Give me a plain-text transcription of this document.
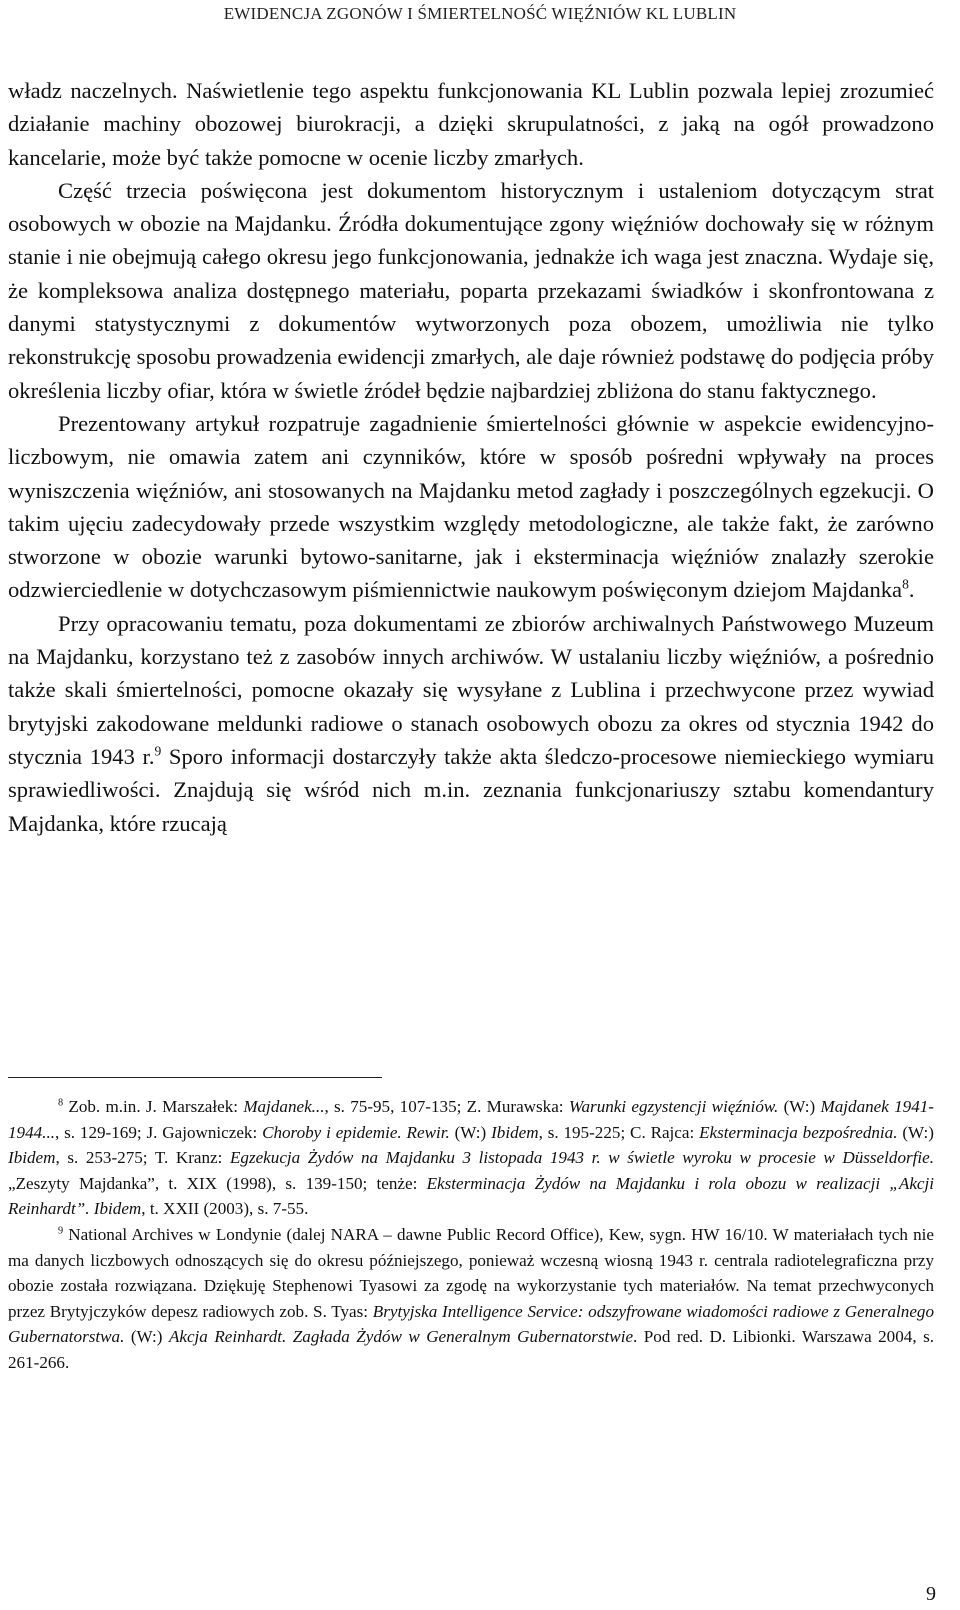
EWIDENCJA ZGONÓW I ŚMIERTELNOŚĆ WIĘŹNIÓW KL LUBLIN

władz naczelnych. Naświetlenie tego aspektu funkcjonowania KL Lublin pozwala lepiej zrozumieć działanie machiny obozowej biurokracji, a dzięki skrupulatności, z jaką na ogół prowadzono kancelarie, może być także pomocne w ocenie liczby zmarłych.

Część trzecia poświęcona jest dokumentom historycznym i ustaleniom dotyczącym strat osobowych w obozie na Majdanku. Źródła dokumentujące zgony więźniów dochowały się w różnym stanie i nie obejmują całego okresu jego funkcjonowania, jednakże ich waga jest znaczna. Wydaje się, że kompleksowa analiza dostępnego materiału, poparta przekazami świadków i skonfrontowana z danymi statystycznymi z dokumentów wytworzonych poza obozem, umożliwia nie tylko rekonstrukcję sposobu prowadzenia ewidencji zmarłych, ale daje również podstawę do podjęcia próby określenia liczby ofiar, która w świetle źródeł będzie najbardziej zbliżona do stanu faktycznego.

Prezentowany artykuł rozpatruje zagadnienie śmiertelności głównie w aspekcie ewidencyjno-liczbowym, nie omawia zatem ani czynników, które w sposób pośredni wpływały na proces wyniszczenia więźniów, ani stosowanych na Majdanku metod zagłady i poszczególnych egzekucji. O takim ujęciu zadecydowały przede wszystkim względy metodologiczne, ale także fakt, że zarówno stworzone w obozie warunki bytowo-sanitarne, jak i eksterminacja więźniów znalazły szerokie odzwierciedlenie w dotychczasowym piśmiennictwie naukowym poświęconym dziejom Majdanka$^8$.

Przy opracowaniu tematu, poza dokumentami ze zbiorów archiwalnych Państwowego Muzeum na Majdanku, korzystano też z zasobów innych archiwów. W ustalaniu liczby więźniów, a pośrednio także skali śmiertelności, pomocne okazały się wysyłane z Lublina i przechwycone przez wywiad brytyjski zakodowane meldunki radiowe o stanach osobowych obozu za okres od stycznia 1942 do stycznia 1943 r.$^9$ Sporo informacji dostarczyły także akta śledczo-procesowe niemieckiego wymiaru sprawiedliwości. Znajdują się wśród nich m.in. zeznania funkcjonariuszy sztabu komendantury Majdanka, które rzucają

$^8$ Zob. m.in. J. Marszałek: Majdanek..., s. 75-95, 107-135; Z. Murawska: Warunki egzystencji więźniów. (W:) Majdanek 1941-1944..., s. 129-169; J. Gajowniczek: Choroby i epidemie. Rewir. (W:) Ibidem, s. 195-225; C. Rajca: Eksterminacja bezpośrednia. (W:) Ibidem, s. 253-275; T. Kranz: Egzekucja Żydów na Majdanku 3 listopada 1943 r. w świetle wyroku w procesie w Düsseldorfie. „Zeszyty Majdanka”, t. XIX (1998), s. 139-150; tenże: Eksterminacja Żydów na Majdanku i rola obozu w realizacji „Akcji Reinhardt”. Ibidem, t. XXII (2003), s. 7-55.

$^9$ National Archives w Londynie (dalej NARA – dawne Public Record Office), Kew, sygn. HW 16/10. W materiałach tych nie ma danych liczbowych odnoszących się do okresu późniejszego, ponieważ wczesną wiosną 1943 r. centrala radiotelegraficzna przy obozie została rozwiązana. Dziękuję Stephenowi Tyasowi za zgodę na wykorzystanie tych materiałów. Na temat przechwyconych przez Brytyjczyków depesz radiowych zob. S. Tyas: Brytyjska Intelligence Service: odszyfrowane wiadomości radiowe z Generalnego Gubernatorstwa. (W:) Akcja Reinhardt. Zagłada Żydów w Generalnym Gubernatorstwie. Pod red. D. Libionki. Warszawa 2004, s. 261-266.

9
